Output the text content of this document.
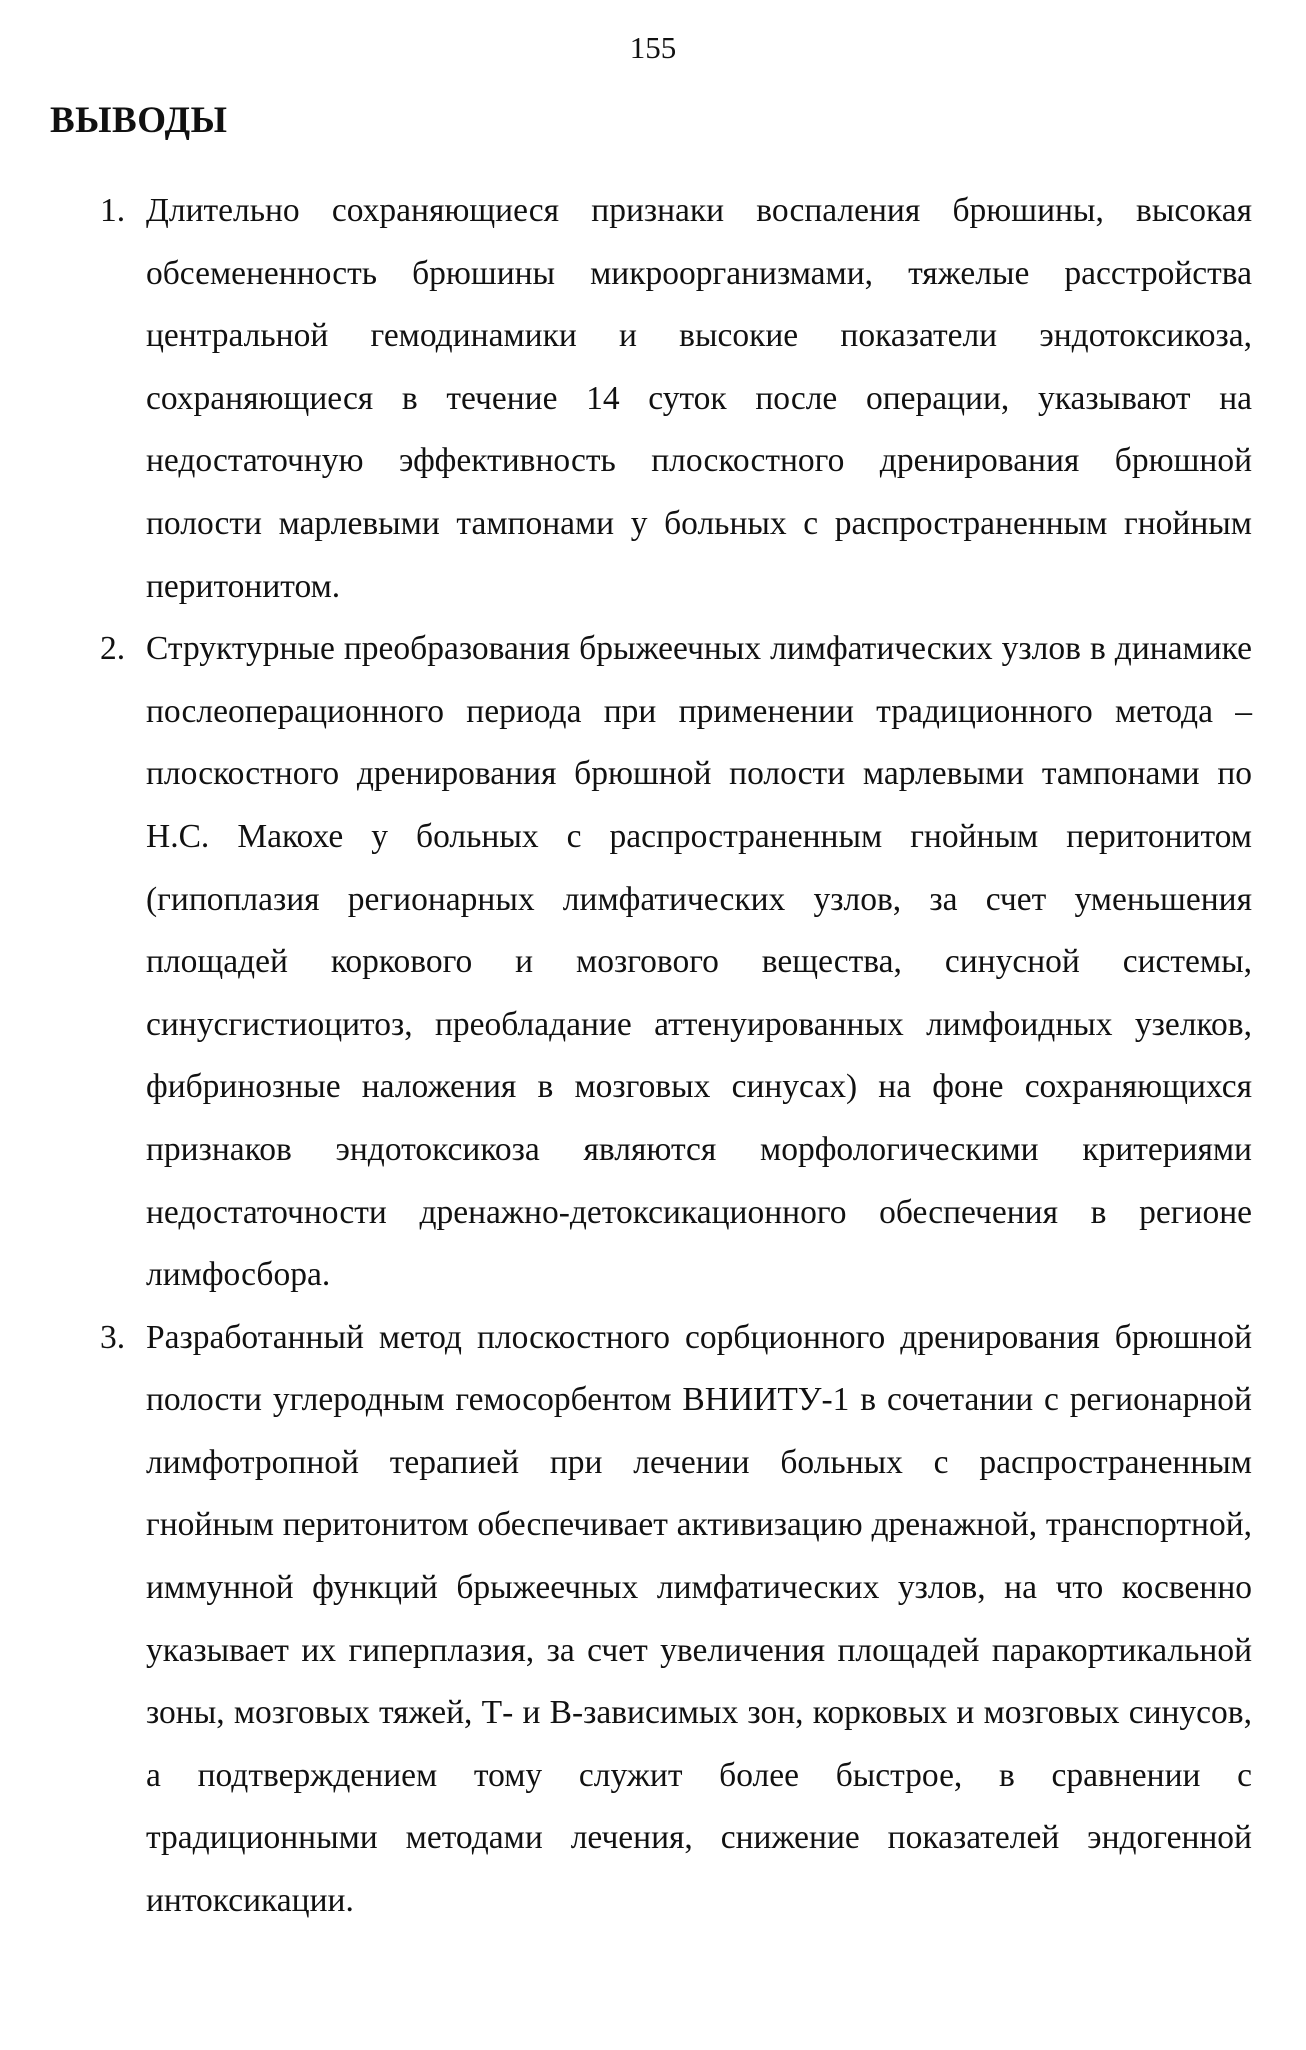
155
ВЫВОДЫ
1. Длительно сохраняющиеся признаки воспаления брюшины, высокая обсемененность брюшины микроорганизмами, тяжелые расстройства центральной гемодинамики и высокие показатели эндотоксикоза, сохраняющиеся в течение 14 суток после операции, указывают на недостаточную эффективность плоскостного дренирования брюшной полости марлевыми тампонами у больных с распространенным гнойным перитонитом.
2. Структурные преобразования брыжеечных лимфатических узлов в динамике послеоперационного периода при применении традиционного метода – плоскостного дренирования брюшной полости марлевыми тампонами по Н.С. Макохе у больных с распространенным гнойным перитонитом (гипоплазия регионарных лимфатических узлов, за счет уменьшения площадей коркового и мозгового вещества, синусной системы, синусгистиоцитоз, преобладание аттенуированных лимфоидных узелков, фибринозные наложения в мозговых синусах) на фоне сохраняющихся признаков эндотоксикоза являются морфологическими критериями недостаточности дренажно-детоксикационного обеспечения в регионе лимфосбора.
3. Разработанный метод плоскостного сорбционного дренирования брюшной полости углеродным гемосорбентом ВНИИТУ-1 в сочетании с регионарной лимфотропной терапией при лечении больных с распространенным гнойным перитонитом обеспечивает активизацию дренажной, транспортной, иммунной функций брыжеечных лимфатических узлов, на что косвенно указывает их гиперплазия, за счет увеличения площадей паракортикальной зоны, мозговых тяжей, Т- и В-зависимых зон, корковых и мозговых синусов, а подтверждением тому служит более быстрое, в сравнении с традиционными методами лечения, снижение показателей эндогенной интоксикации.
